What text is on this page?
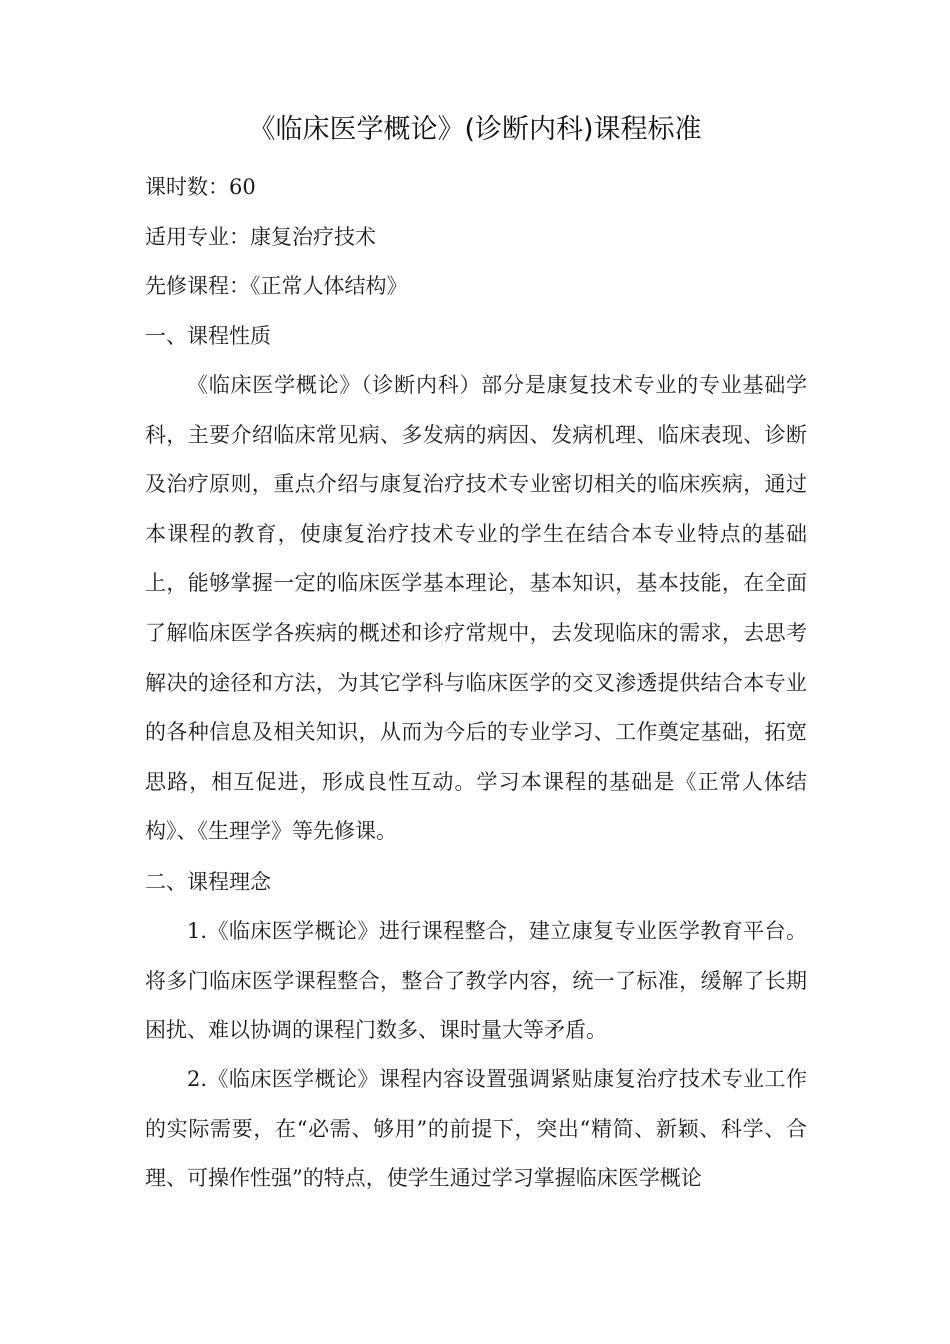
《临床医学概论》(诊断内科)课程标准
课时数：60
适用专业：康复治疗技术
先修课程：《正常人体结构》
一、课程性质

《临床医学概论》（诊断内科）部分是康复技术专业的专业基础学科，主要介绍临床常见病、多发病的病因、发病机理、临床表现、诊断及治疗原则，重点介绍与康复治疗技术专业密切相关的临床疾病，通过本课程的教育，使康复治疗技术专业的学生在结合本专业特点的基础上，能够掌握一定的临床医学基本理论，基本知识，基本技能，在全面了解临床医学各疾病的概述和诊疗常规中，去发现临床的需求，去思考解决的途径和方法，为其它学科与临床医学的交叉渗透提供结合本专业的各种信息及相关知识，从而为今后的专业学习、工作奠定基础，拓宽思路，相互促进，形成良性互动。学习本课程的基础是《正常人体结构》、《生理学》等先修课。

二、课程理念

1.《临床医学概论》进行课程整合，建立康复专业医学教育平台。将多门临床医学课程整合，整合了教学内容，统一了标准，缓解了长期困扰、难以协调的课程门数多、课时量大等矛盾。

2.《临床医学概论》课程内容设置强调紧贴康复治疗技术专业工作的实际需要，在“必需、够用”的前提下，突出“精简、新颖、科学、合理、可操作性强”的特点，使学生通过学习掌握临床医学概论
